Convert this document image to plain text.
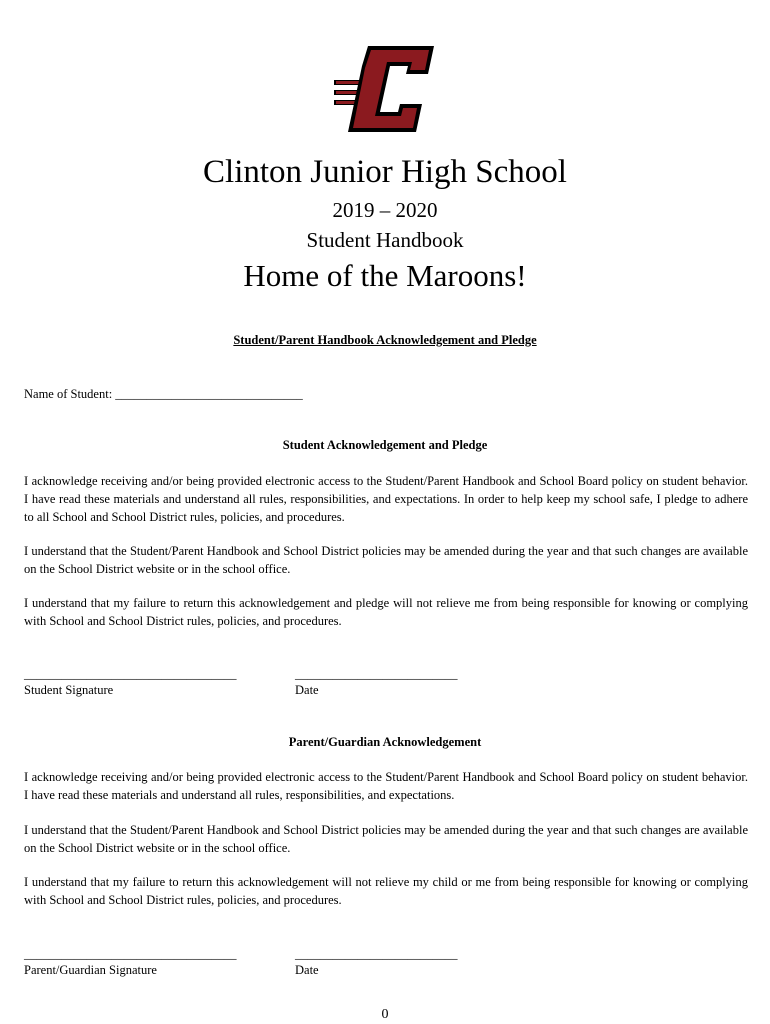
Clinton Junior High School
2019 – 2020
Student Handbook
Home of the Maroons!
Student/Parent Handbook Acknowledgement and Pledge
Name of Student: ______________________________
Student Acknowledgement and Pledge
I acknowledge receiving and/or being provided electronic access to the Student/Parent Handbook and School Board policy on student behavior. I have read these materials and understand all rules, responsibilities, and expectations. In order to help keep my school safe, I pledge to adhere to all School and School District rules, policies, and procedures.
I understand that the Student/Parent Handbook and School District policies may be amended during the year and that such changes are available on the School District website or in the school office.
I understand that my failure to return this acknowledgement and pledge will not relieve me from being responsible for knowing or complying with School and School District rules, policies, and procedures.
__________________________________
Student Signature
__________________________
Date
Parent/Guardian Acknowledgement
I acknowledge receiving and/or being provided electronic access to the Student/Parent Handbook and School Board policy on student behavior. I have read these materials and understand all rules, responsibilities, and expectations.
I understand that the Student/Parent Handbook and School District policies may be amended during the year and that such changes are available on the School District website or in the school office.
I understand that my failure to return this acknowledgement will not relieve my child or me from being responsible for knowing or complying with School and School District rules, policies, and procedures.
__________________________________
Parent/Guardian Signature
__________________________
Date
0
